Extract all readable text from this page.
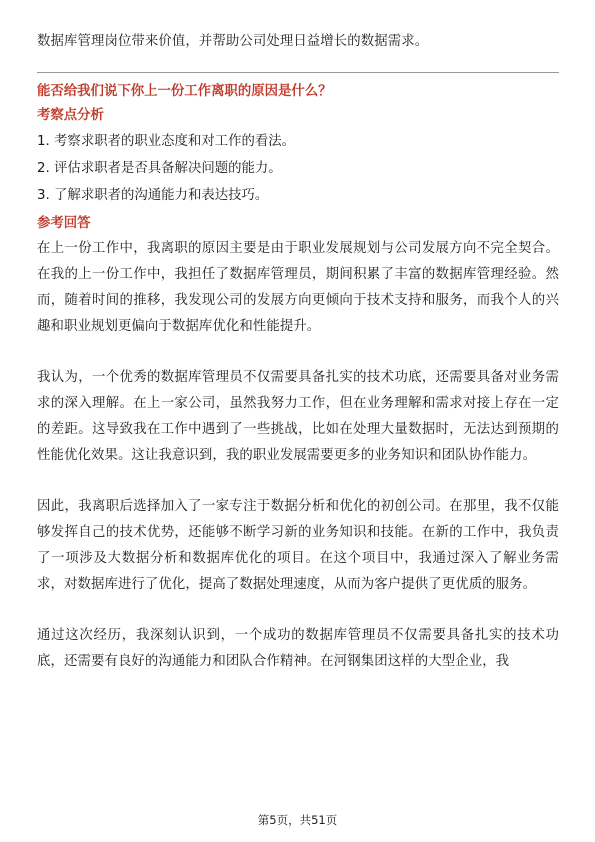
数据库管理岗位带来价值，并帮助公司处理日益增长的数据需求。

能否给我们说下你上一份工作离职的原因是什么？

考察点分析

1. 考察求职者的职业态度和对工作的看法。

2. 评估求职者是否具备解决问题的能力。

3. 了解求职者的沟通能力和表达技巧。

参考回答

在上一份工作中，我离职的原因主要是由于职业发展规划与公司发展方向不完全契合。在我的上一份工作中，我担任了数据库管理员，期间积累了丰富的数据库管理经验。然而，随着时间的推移，我发现公司的发展方向更倾向于技术支持和服务，而我个人的兴趣和职业规划更偏向于数据库优化和性能提升。

我认为，一个优秀的数据库管理员不仅需要具备扎实的技术功底，还需要具备对业务需求的深入理解。在上一家公司，虽然我努力工作，但在业务理解和需求对接上存在一定的差距。这导致我在工作中遇到了一些挑战，比如在处理大量数据时，无法达到预期的性能优化效果。这让我意识到，我的职业发展需要更多的业务知识和团队协作能力。

因此，我离职后选择加入了一家专注于数据分析和优化的初创公司。在那里，我不仅能够发挥自己的技术优势，还能够不断学习新的业务知识和技能。在新的工作中，我负责了一项涉及大数据分析和数据库优化的项目。在这个项目中，我通过深入了解业务需求，对数据库进行了优化，提高了数据处理速度，从而为客户提供了更优质的服务。

通过这次经历，我深刻认识到，一个成功的数据库管理员不仅需要具备扎实的技术功底，还需要有良好的沟通能力和团队合作精神。在河钢集团这样的大型企业，我

第5页，共51页
